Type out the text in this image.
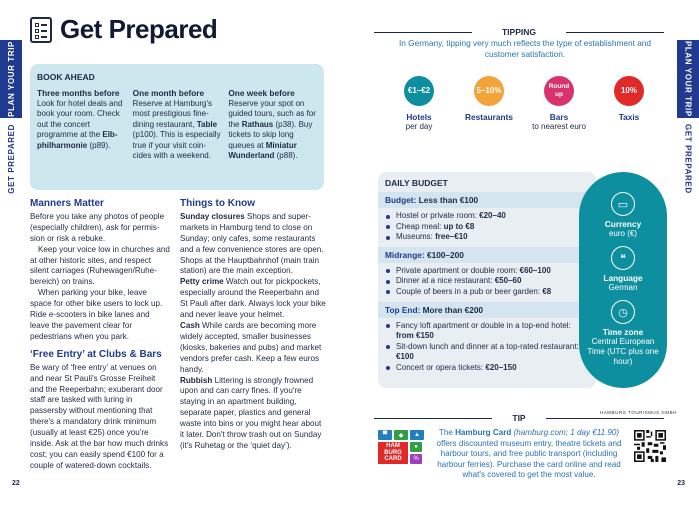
PLAN YOUR TRIP
GET PREPARED
Get Prepared
BOOK AHEAD
Three months before
Look for hotel deals and book your room. Check out the concert programme at the Elbphilharmonie (p89).
One month before
Reserve at Hamburg's most prestigious fine-dining restaurant, Table (p100). This is especially true if your visit coincides with a weekend.
One week before
Reserve your spot on guided tours, such as for the Rathaus (p38). Buy tickets to skip long queues at Miniatur Wunderland (p88).
Manners Matter

Before you take any photos of people (especially children), ask for permission or risk a rebuke.

Keep your voice low in churches and at other historic sites, and respect silent carriages (Ruhewagen/Ruhebereich) on trains.

When parking your bike, leave space for other bike users to lock up. Ride e-scooters in bike lanes and leave the pavement clear for pedestrians when you park.

‘Free Entry’ at Clubs & Bars

Be wary of ‘free entry’ at venues on and near St Pauli's Grosse Freiheit and the Reeperbahn; exuberant door staff are tasked with luring in passersby without mentioning that there's a mandatory drink minimum (usually at least €25) once you're inside. Ask at the bar how much drinks cost; you can easily spend €100 for a couple of watered-down cocktails.

Things to Know
Sunday closures Shops and supermarkets in Hamburg tend to close on Sunday; only cafes, some restaurants and a few convenience stores are open. Shops at the Hauptbahnhof (main train station) are the main exception.
Petty crime Watch out for pickpockets, especially around the Reeperbahn and St Pauli after dark. Always lock your bike and never leave your helmet.
Cash While cards are becoming more widely accepted, smaller businesses (kiosks, bakeries and pubs) and market vendors prefer cash. Keep a few euros handy.
Rubbish Littering is strongly frowned upon and can carry fines. If you're staying in an apartment building, separate paper, plastics and general waste into bins or you might hear about it later. Don't throw trash out on Sunday (it's Ruhetag or the ‘quiet day’).
22
PLAN YOUR TRIP
GET PREPARED
TIPPING
In Germany, tipping very much reflects the type of establishment and customer satisfaction.
€1–€2
Hotels
per day
5–10%
Restaurants
Round up
Bars
to nearest euro
10%
Taxis
DAILY BUDGET
Budget: Less than €100
Hostel or private room: €20–40
Cheap meal: up to €8
Museums: free–€10
Midrange: €100–200
Private apartment or double room: €60–100
Dinner at a nice restaurant: €50–60
Couple of beers in a pub or beer garden: €8
Top End: More than €200
Fancy loft apartment or double in a top-end hotel: from €150
Sit-down lunch and dinner at a top-rated restaurant: €100
Concert or opera tickets: €20–150
▭
Currency
euro (€)
❝
Language
German
◷
Time zone
Central European Time (UTC plus one hour)
HAMBURG TOURISMUS GMBH
TIP
▀	◆	▲
HAM
BURG
CARD
●
%
The Hamburg Card (hamburg.com; 1 day €11.90) offers discounted museum entry, theatre tickets and harbour tours, and free public transport (including harbour ferries). Purchase the card online and read what's covered to get the most value.
23
